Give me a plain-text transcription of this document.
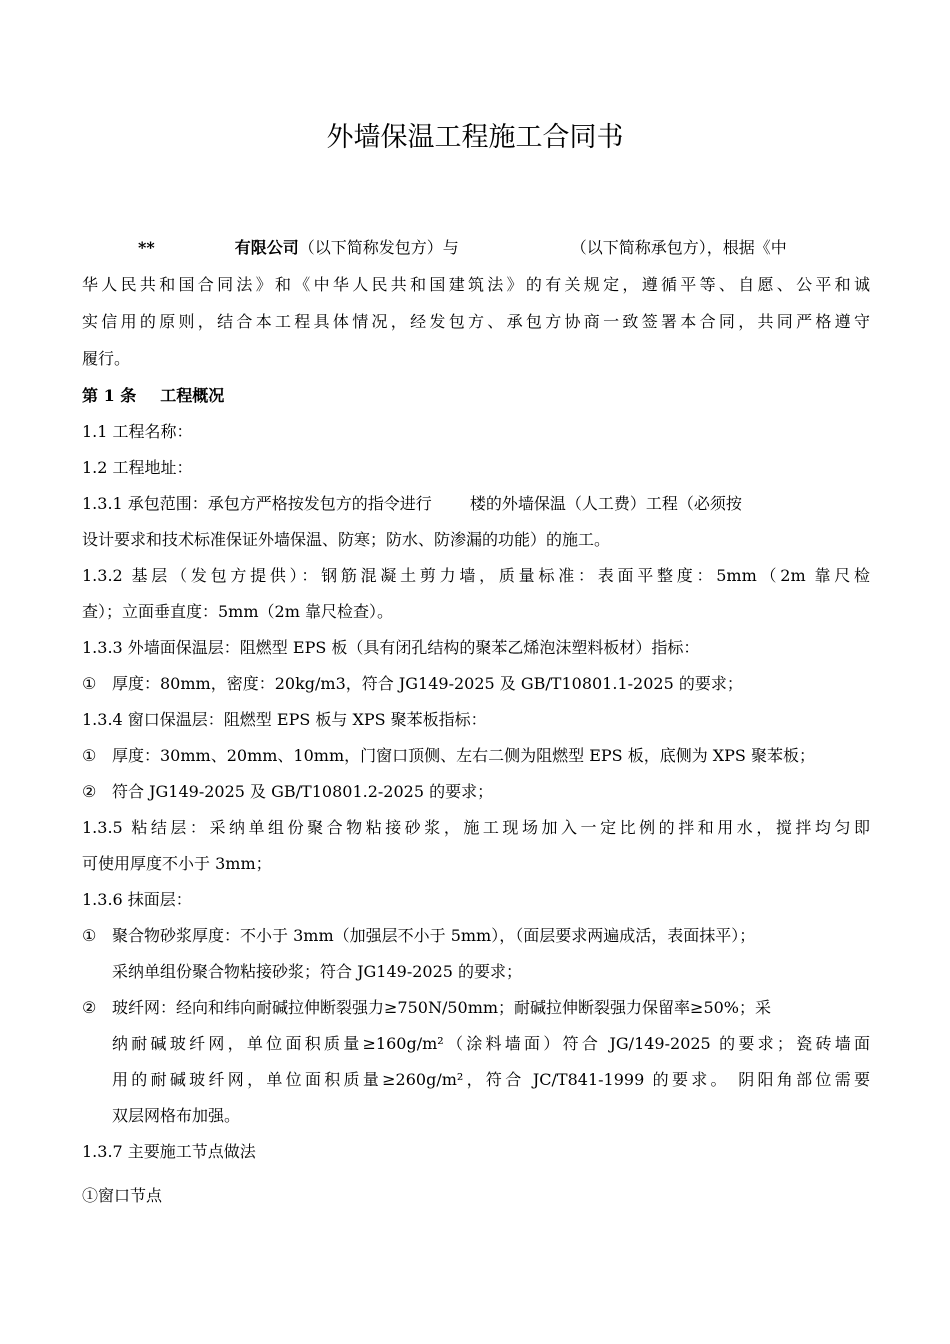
外墙保温工程施工合同书
**	有限公司（以下简称发包方）与	（以下简称承包方），根据《中
华人民共和国合同法》和《中华人民共和国建筑法》的有关规定，遵循平等、自愿、公平和诚
实信用的原则，结合本工程具体情况，经发包方、承包方协商一致签署本合同，共同严格遵守
履行。
第 1 条 工程概况
1.1 工程名称：
1.2 工程地址：
1.3.1 承包范围：承包方严格按发包方的指令进行 楼的外墙保温（人工费）工程（必须按
设计要求和技术标准保证外墙保温、防寒；防水、防渗漏的功能）的施工。
1.3.2 基层（发包方提供）：钢筋混凝土剪力墙，质量标准：表面平整度：5mm（2m 靠尺检
查）；立面垂直度：5mm（2m 靠尺检查）。
1.3.3 外墙面保温层：阻燃型 EPS 板（具有闭孔结构的聚苯乙烯泡沫塑料板材）指标：
① 厚度：80mm，密度：20kg/m3，符合 JG149-2025 及 GB/T10801.1-2025 的要求；
1.3.4 窗口保温层：阻燃型 EPS 板与 XPS 聚苯板指标：
① 厚度：30mm、20mm、10mm，门窗口顶侧、左右二侧为阻燃型 EPS 板，底侧为 XPS 聚苯板；
② 符合 JG149-2025 及 GB/T10801.2-2025 的要求；
1.3.5 粘结层：采纳单组份聚合物粘接砂浆，施工现场加入一定比例的拌和用水，搅拌均匀即
可使用厚度不小于 3mm；
1.3.6 抹面层：
① 聚合物砂浆厚度：不小于 3mm（加强层不小于 5mm），（面层要求两遍成活，表面抹平）；
采纳单组份聚合物粘接砂浆；符合 JG149-2025 的要求；
② 玻纤网：经向和纬向耐碱拉伸断裂强力≥750N/50mm；耐碱拉伸断裂强力保留率≥50%；采
纳耐碱玻纤网，单位面积质量≥160g/m²（涂料墙面）符合 JG/149-2025 的要求；瓷砖墙面
用的耐碱玻纤网，单位面积质量≥260g/m²，符合 JC/T841-1999 的要求。 阴阳角部位需要
双层网格布加强。
1.3.7 主要施工节点做法
①窗口节点
